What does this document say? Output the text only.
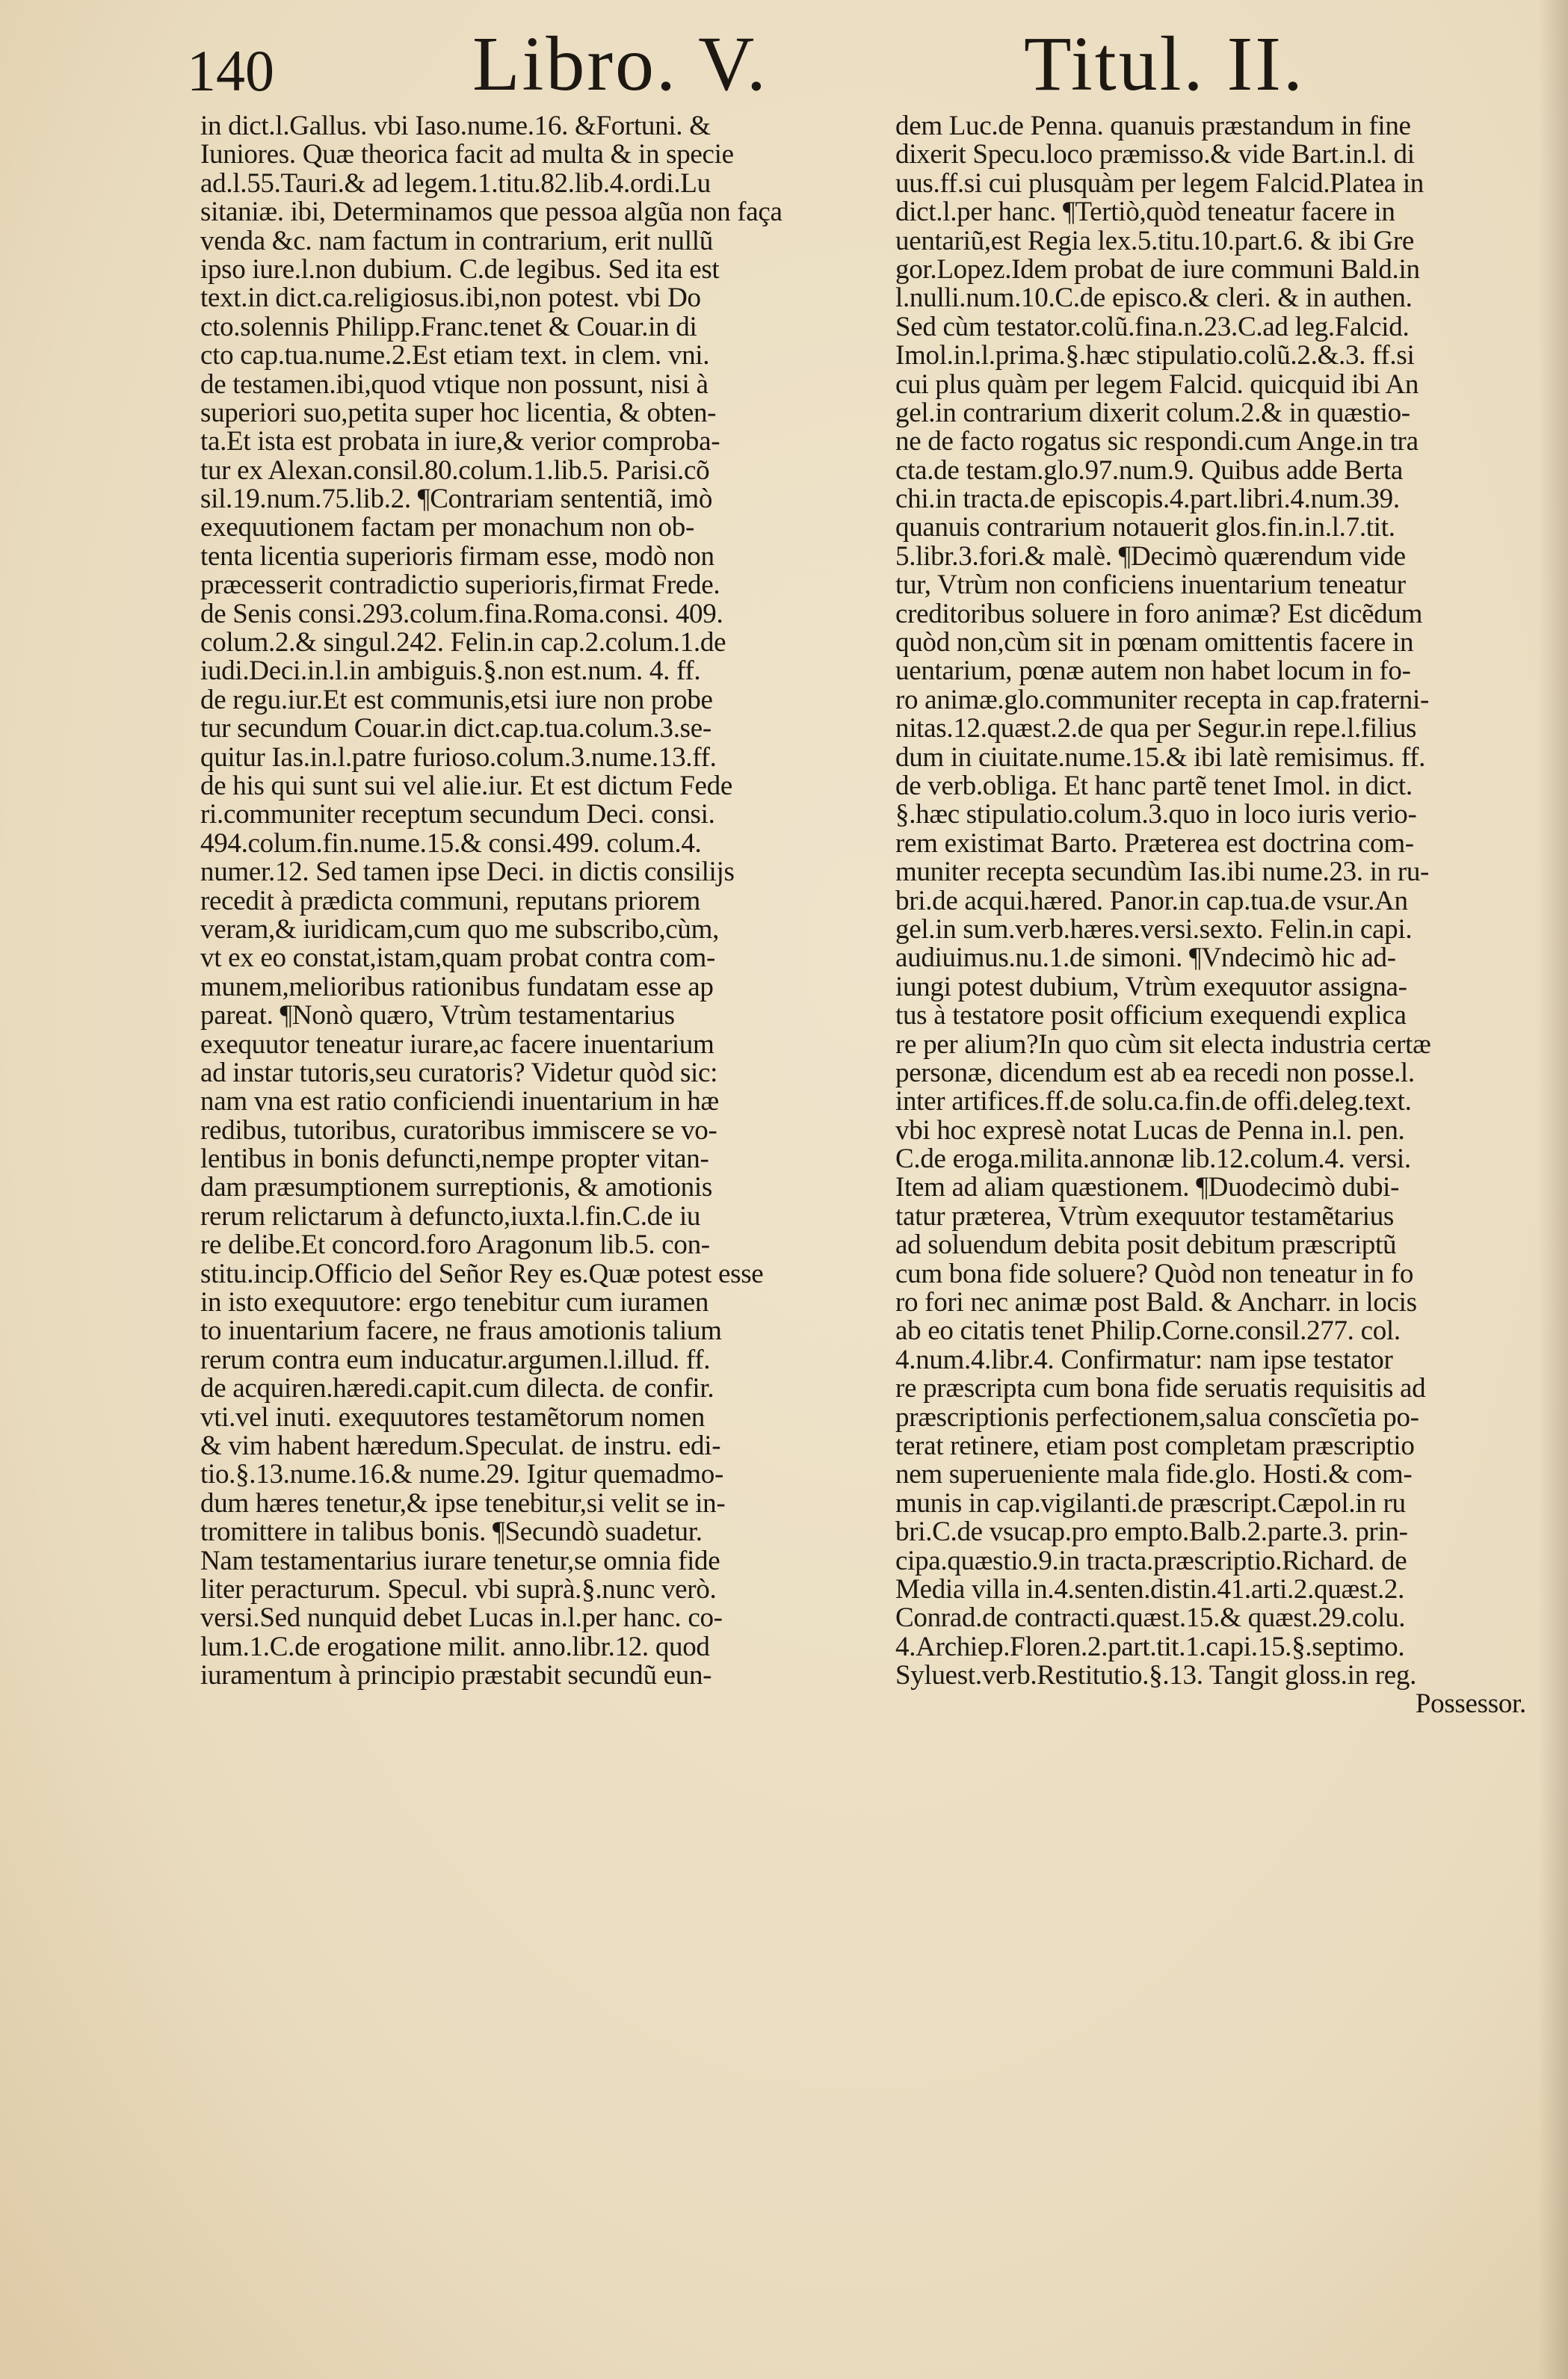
140	Libro. V.	Titul. II.
in dict.l.Gallus. vbi Iaso.nume.16. &Fortuni. &
Iuniores. Quæ theorica facit ad multa & in specie
ad.l.55.Tauri.& ad legem.1.titu.82.lib.4.ordi.Lu
sitaniæ. ibi, Determinamos que pessoa algũa non faça
venda &c. nam factum in contrarium, erit nullũ
ipso iure.l.non dubium. C.de legibus. Sed ita est
text.in dict.ca.religiosus.ibi,non potest. vbi Do
cto.solennis Philipp.Franc.tenet & Couar.in di
cto cap.tua.nume.2.Est etiam text. in clem. vni.
de testamen.ibi,quod vtique non possunt, nisi à
superiori suo,petita super hoc licentia, & obten-
ta.Et ista est probata in iure,& verior comproba-
tur ex Alexan.consil.80.colum.1.lib.5. Parisi.cõ
sil.19.num.75.lib.2. ¶Contrariam sententiã, imò
exequutionem factam per monachum non ob-
tenta licentia superioris firmam esse, modò non
præcesserit contradictio superioris,firmat Frede.
de Senis consi.293.colum.fina.Roma.consi. 409.
colum.2.& singul.242. Felin.in cap.2.colum.1.de
iudi.Deci.in.l.in ambiguis.§.non est.num. 4. ff.
de regu.iur.Et est communis,etsi iure non probe
tur secundum Couar.in dict.cap.tua.colum.3.se-
quitur Ias.in.l.patre furioso.colum.3.nume.13.ff.
de his qui sunt sui vel alie.iur. Et est dictum Fede
ri.communiter receptum secundum Deci. consi.
494.colum.fin.nume.15.& consi.499. colum.4.
numer.12. Sed tamen ipse Deci. in dictis consilijs
recedit à prædicta communi, reputans priorem
veram,& iuridicam,cum quo me subscribo,cùm,
vt ex eo constat,istam,quam probat contra com-
munem,melioribus rationibus fundatam esse ap
pareat. ¶Nonò quæro, Vtrùm testamentarius
exequutor teneatur iurare,ac facere inuentarium
ad instar tutoris,seu curatoris? Videtur quòd sic:
nam vna est ratio conficiendi inuentarium in hæ
redibus, tutoribus, curatoribus immiscere se vo-
lentibus in bonis defuncti,nempe propter vitan-
dam præsumptionem surreptionis, & amotionis
rerum relictarum à defuncto,iuxta.l.fin.C.de iu
re delibe.Et concord.foro Aragonum lib.5. con-
stitu.incip.Officio del Señor Rey es.Quæ potest esse
in isto exequutore: ergo tenebitur cum iuramen
to inuentarium facere, ne fraus amotionis talium
rerum contra eum inducatur.argumen.l.illud. ff.
de acquiren.hæredi.capit.cum dilecta. de confir.
vti.vel inuti. exequutores testamẽtorum nomen
& vim habent hæredum.Speculat. de instru. edi-
tio.§.13.nume.16.& nume.29. Igitur quemadmo-
dum hæres tenetur,& ipse tenebitur,si velit se in-
tromittere in talibus bonis. ¶Secundò suadetur.
Nam testamentarius iurare tenetur,se omnia fide
liter peracturum. Specul. vbi suprà.§.nunc verò.
versi.Sed nunquid debet Lucas in.l.per hanc. co-
lum.1.C.de erogatione milit. anno.libr.12. quod
iuramentum à principio præstabit secundũ eun-
dem Luc.de Penna. quanuis præstandum in fine
dixerit Specu.loco præmisso.& vide Bart.in.l. di
uus.ff.si cui plusquàm per legem Falcid.Platea in
dict.l.per hanc. ¶Tertiò,quòd teneatur facere in
uentariũ,est Regia lex.5.titu.10.part.6. & ibi Gre
gor.Lopez.Idem probat de iure communi Bald.in
l.nulli.num.10.C.de episco.& cleri. & in authen.
Sed cùm testator.colũ.fina.n.23.C.ad leg.Falcid.
Imol.in.l.prima.§.hæc stipulatio.colũ.2.&.3. ff.si
cui plus quàm per legem Falcid. quicquid ibi An
gel.in contrarium dixerit colum.2.& in quæstio-
ne de facto rogatus sic respondi.cum Ange.in tra
cta.de testam.glo.97.num.9. Quibus adde Berta
chi.in tracta.de episcopis.4.part.libri.4.num.39.
quanuis contrarium notauerit glos.fin.in.l.7.tit.
5.libr.3.fori.& malè. ¶Decimò quærendum vide
tur, Vtrùm non conficiens inuentarium teneatur
creditoribus soluere in foro animæ? Est dicẽdum
quòd non,cùm sit in pœnam omittentis facere in
uentarium, pœnæ autem non habet locum in fo-
ro animæ.glo.communiter recepta in cap.fraterni-
nitas.12.quæst.2.de qua per Segur.in repe.l.filius
dum in ciuitate.nume.15.& ibi latè remisimus. ff.
de verb.obliga. Et hanc partẽ tenet Imol. in dict.
§.hæc stipulatio.colum.3.quo in loco iuris verio-
rem existimat Barto. Præterea est doctrina com-
muniter recepta secundùm Ias.ibi nume.23. in ru-
bri.de acqui.hæred. Panor.in cap.tua.de vsur.An
gel.in sum.verb.hæres.versi.sexto. Felin.in capi.
audiuimus.nu.1.de simoni. ¶Vndecimò hic ad-
iungi potest dubium, Vtrùm exequutor assigna-
tus à testatore posit officium exequendi explica
re per alium?In quo cùm sit electa industria certæ
personæ, dicendum est ab ea recedi non posse.l.
inter artifices.ff.de solu.ca.fin.de offi.deleg.text.
vbi hoc expresè notat Lucas de Penna in.l. pen.
C.de eroga.milita.annonæ lib.12.colum.4. versi.
Item ad aliam quæstionem. ¶Duodecimò dubi-
tatur præterea, Vtrùm exequutor testamẽtarius
ad soluendum debita posit debitum præscriptũ
cum bona fide soluere? Quòd non teneatur in fo
ro fori nec animæ post Bald. & Ancharr. in locis
ab eo citatis tenet Philip.Corne.consil.277. col.
4.num.4.libr.4. Confirmatur: nam ipse testator
re præscripta cum bona fide seruatis requisitis ad
præscriptionis perfectionem,salua conscĩetia po-
terat retinere, etiam post completam præscriptio
nem superueniente mala fide.glo. Hosti.& com-
munis in cap.vigilanti.de præscript.Cæpol.in ru
bri.C.de vsucap.pro empto.Balb.2.parte.3. prin-
cipa.quæstio.9.in tracta.præscriptio.Richard. de
Media villa in.4.senten.distin.41.arti.2.quæst.2.
Conrad.de contracti.quæst.15.& quæst.29.colu.
4.Archiep.Floren.2.part.tit.1.capi.15.§.septimo.
Syluest.verb.Restitutio.§.13. Tangit gloss.in reg.
Possessor.
